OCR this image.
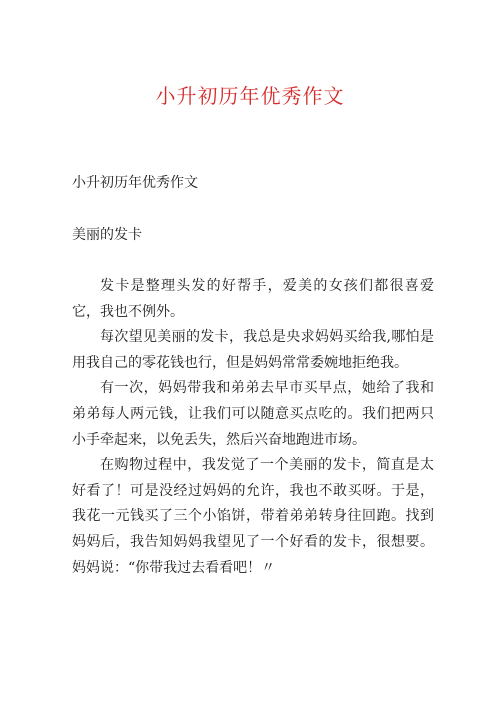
小升初历年优秀作文
小升初历年优秀作文
美丽的发卡

发卡是整理头发的好帮手，爱美的女孩们都很喜爱它，我也不例外。

每次望见美丽的发卡，我总是央求妈妈买给我,哪怕是用我自己的零花钱也行，但是妈妈常常委婉地拒绝我。

有一次，妈妈带我和弟弟去早市买早点，她给了我和弟弟每人两元钱，让我们可以随意买点吃的。我们把两只小手牵起来，以免丢失，然后兴奋地跑进市场。

在购物过程中，我发觉了一个美丽的发卡，简直是太好看了！可是没经过妈妈的允许，我也不敢买呀。于是，我花一元钱买了三个小馅饼，带着弟弟转身往回跑。找到妈妈后，我告知妈妈我望见了一个好看的发卡，很想要。妈妈说：“你带我过去看看吧！〃
